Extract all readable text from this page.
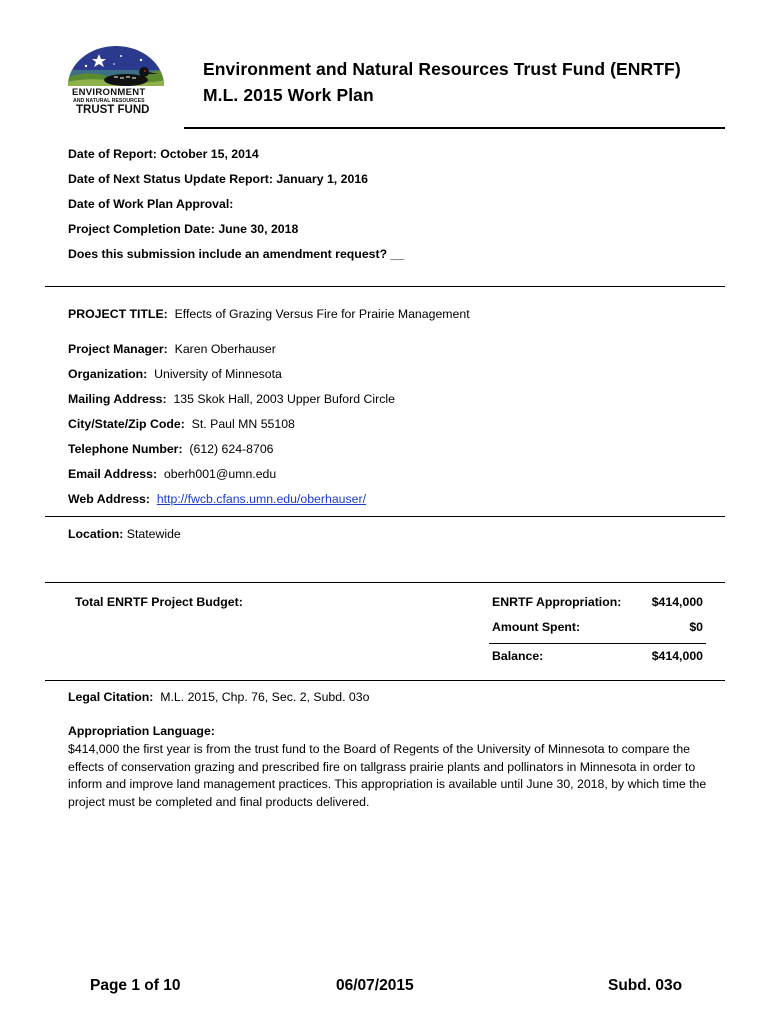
ENVIRONMENT
AND NATURAL RESOURCES
TRUST FUND
Environment and Natural Resources Trust Fund (ENRTF)
M.L. 2015 Work Plan
Date of Report: October 15, 2014
Date of Next Status Update Report: January 1, 2016
Date of Work Plan Approval:
Project Completion Date: June 30, 2018
Does this submission include an amendment request? __
PROJECT TITLE: Effects of Grazing Versus Fire for Prairie Management
Project Manager: Karen Oberhauser
Organization: University of Minnesota
Mailing Address: 135 Skok Hall, 2003 Upper Buford Circle
City/State/Zip Code: St. Paul MN 55108
Telephone Number: (612) 624-8706
Email Address: oberh001@umn.edu
Web Address: http://fwcb.cfans.umn.edu/oberhauser/
Location: Statewide
Total ENRTF Project Budget:	ENRTF Appropriation:	$414,000
Amount Spent:	$0
Balance:	$414,000
Legal Citation: M.L. 2015, Chp. 76, Sec. 2, Subd. 03o
Appropriation Language:
$414,000 the first year is from the trust fund to the Board of Regents of the University of Minnesota to compare the effects of conservation grazing and prescribed fire on tallgrass prairie plants and pollinators in Minnesota in order to inform and improve land management practices. This appropriation is available until June 30, 2018, by which time the project must be completed and final products delivered.
Page 1 of 10	06/07/2015	Subd. 03o
